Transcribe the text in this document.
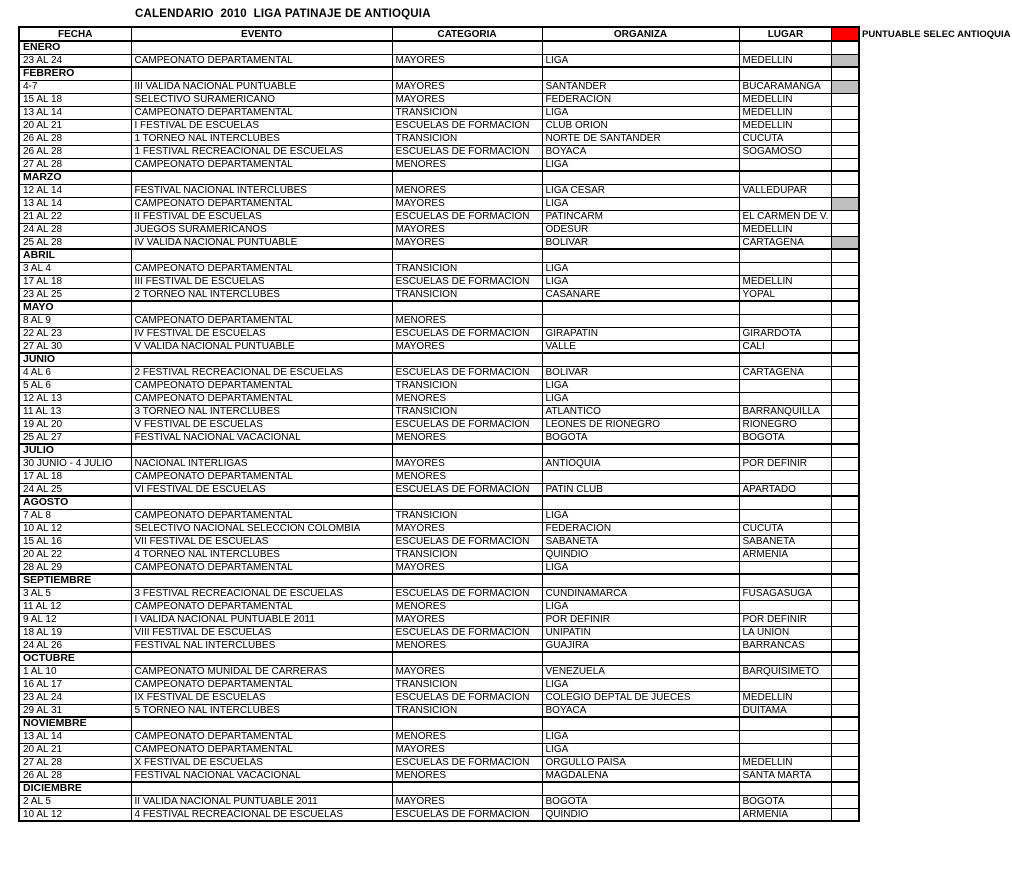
CALENDARIO  2010  LIGA PATINAJE DE ANTIOQUIA
PUNTUABLE SELEC ANTIOQUIA
FECHA	EVENTO	CATEGORIA	ORGANIZA	LUGAR	
ENERO					
23 AL 24	CAMPEONATO DEPARTAMENTAL	MAYORES	LIGA	MEDELLIN	
FEBRERO					
4-7	III VALIDA NACIONAL PUNTUABLE	MAYORES	SANTANDER	BUCARAMANGA	
15 AL 18	SELECTIVO SURAMERICANO	MAYORES	FEDERACION	MEDELLIN	
13 AL 14	CAMPEONATO DEPARTAMENTAL	TRANSICION	LIGA	MEDELLIN	
20 AL 21	I FESTIVAL DE ESCUELAS	ESCUELAS DE FORMACION	CLUB ORION	MEDELLIN	
26 AL 28	1 TORNEO NAL INTERCLUBES	TRANSICION	NORTE DE SANTANDER	CUCUTA	
26 AL 28	1 FESTIVAL RECREACIONAL DE ESCUELAS	ESCUELAS DE FORMACION	BOYACA	SOGAMOSO	
27 AL 28	CAMPEONATO DEPARTAMENTAL	MENORES	LIGA		
MARZO					
12 AL 14	FESTIVAL NACIONAL INTERCLUBES	MENORES	LIGA CESAR	VALLEDUPAR	
13 AL 14	CAMPEONATO DEPARTAMENTAL	MAYORES	LIGA		
21 AL 22	II FESTIVAL DE ESCUELAS	ESCUELAS DE FORMACION	PATINCARM	EL CARMEN DE V.	
24 AL 28	JUEGOS SURAMERICANOS	MAYORES	ODESUR	MEDELLIN	
25 AL 28	IV VALIDA NACIONAL PUNTUABLE	MAYORES	BOLIVAR	CARTAGENA	
ABRIL					
3 AL 4	CAMPEONATO DEPARTAMENTAL	TRANSICION	LIGA		
17 AL 18	III FESTIVAL DE ESCUELAS	ESCUELAS DE FORMACION	LIGA	MEDELLIN	
23 AL 25	2 TORNEO NAL INTERCLUBES	TRANSICION	CASANARE	YOPAL	
MAYO					
8 AL 9	CAMPEONATO DEPARTAMENTAL	MENORES			
22 AL 23	IV FESTIVAL DE ESCUELAS	ESCUELAS DE FORMACION	GIRAPATIN	GIRARDOTA	
27 AL 30	V VALIDA NACIONAL PUNTUABLE	MAYORES	VALLE	CALI	
JUNIO					
4 AL 6	2 FESTIVAL RECREACIONAL DE ESCUELAS	ESCUELAS DE FORMACION	BOLIVAR	CARTAGENA	
5 AL 6	CAMPEONATO DEPARTAMENTAL	TRANSICION	LIGA		
12 AL 13	CAMPEONATO DEPARTAMENTAL	MENORES	LIGA		
11 AL 13	3 TORNEO NAL INTERCLUBES	TRANSICION	ATLANTICO	BARRANQUILLA	
19 AL 20	V FESTIVAL DE ESCUELAS	ESCUELAS DE FORMACION	LEONES DE RIONEGRO	RIONEGRO	
25 AL 27	FESTIVAL NACIONAL VACACIONAL	MENORES	BOGOTA	BOGOTA	
JULIO					
30 JUNIO - 4 JULIO	NACIONAL INTERLIGAS	MAYORES	ANTIOQUIA	POR DEFINIR	
17 AL 18	CAMPEONATO DEPARTAMENTAL	MENORES			
24 AL 25	VI FESTIVAL DE ESCUELAS	ESCUELAS DE FORMACION	PATIN CLUB	APARTADO	
AGOSTO					
7 AL 8	CAMPEONATO DEPARTAMENTAL	TRANSICION	LIGA		
10 AL 12	SELECTIVO NACIONAL SELECCIÓN COLOMBIA	MAYORES	FEDERACION	CUCUTA	
15 AL 16	VII FESTIVAL DE ESCUELAS	ESCUELAS DE FORMACION	SABANETA	SABANETA	
20 AL 22	4 TORNEO NAL INTERCLUBES	TRANSICION	QUINDIO	ARMENIA	
28 AL 29	CAMPEONATO DEPARTAMENTAL	MAYORES	LIGA		
SEPTIEMBRE					
3 AL 5	3 FESTIVAL RECREACIONAL DE ESCUELAS	ESCUELAS DE FORMACION	CUNDINAMARCA	FUSAGASUGA	
11 AL 12	CAMPEONATO DEPARTAMENTAL	MENORES	LIGA		
9 AL 12	I VALIDA NACIONAL PUNTUABLE 2011	MAYORES	POR DEFINIR	POR DEFINIR	
18 AL 19	VIII FESTIVAL DE ESCUELAS	ESCUELAS DE FORMACION	UNIPATIN	LA UNION	
24 AL 26	FESTIVAL NAL INTERCLUBES	MENORES	GUAJIRA	BARRANCAS	
OCTUBRE					
1 AL 10	CAMPEONATO MUNIDAL DE CARRERAS	MAYORES	VENEZUELA	BARQUISIMETO	
16 AL 17	CAMPEONATO DEPARTAMENTAL	TRANSICION	LIGA		
23 AL 24	IX FESTIVAL DE ESCUELAS	ESCUELAS DE FORMACION	COLEGIO DEPTAL DE JUECES	MEDELLIN	
29 AL 31	5 TORNEO NAL INTERCLUBES	TRANSICION	BOYACA	DUITAMA	
NOVIEMBRE					
13 AL 14	CAMPEONATO DEPARTAMENTAL	MENORES	LIGA		
20 AL 21	CAMPEONATO DEPARTAMENTAL	MAYORES	LIGA		
27 AL 28	X FESTIVAL DE ESCUELAS	ESCUELAS DE FORMACION	ORGULLO PAISA	MEDELLIN	
26 AL 28	FESTIVAL NACIONAL VACACIONAL	MENORES	MAGDALENA	SANTA MARTA	
DICIEMBRE					
2 AL 5	II VALIDA NACIONAL PUNTUABLE 2011	MAYORES	BOGOTA	BOGOTA	
10 AL 12	4 FESTIVAL RECREACIONAL DE ESCUELAS	ESCUELAS DE FORMACION	QUINDIO	ARMENIA	
